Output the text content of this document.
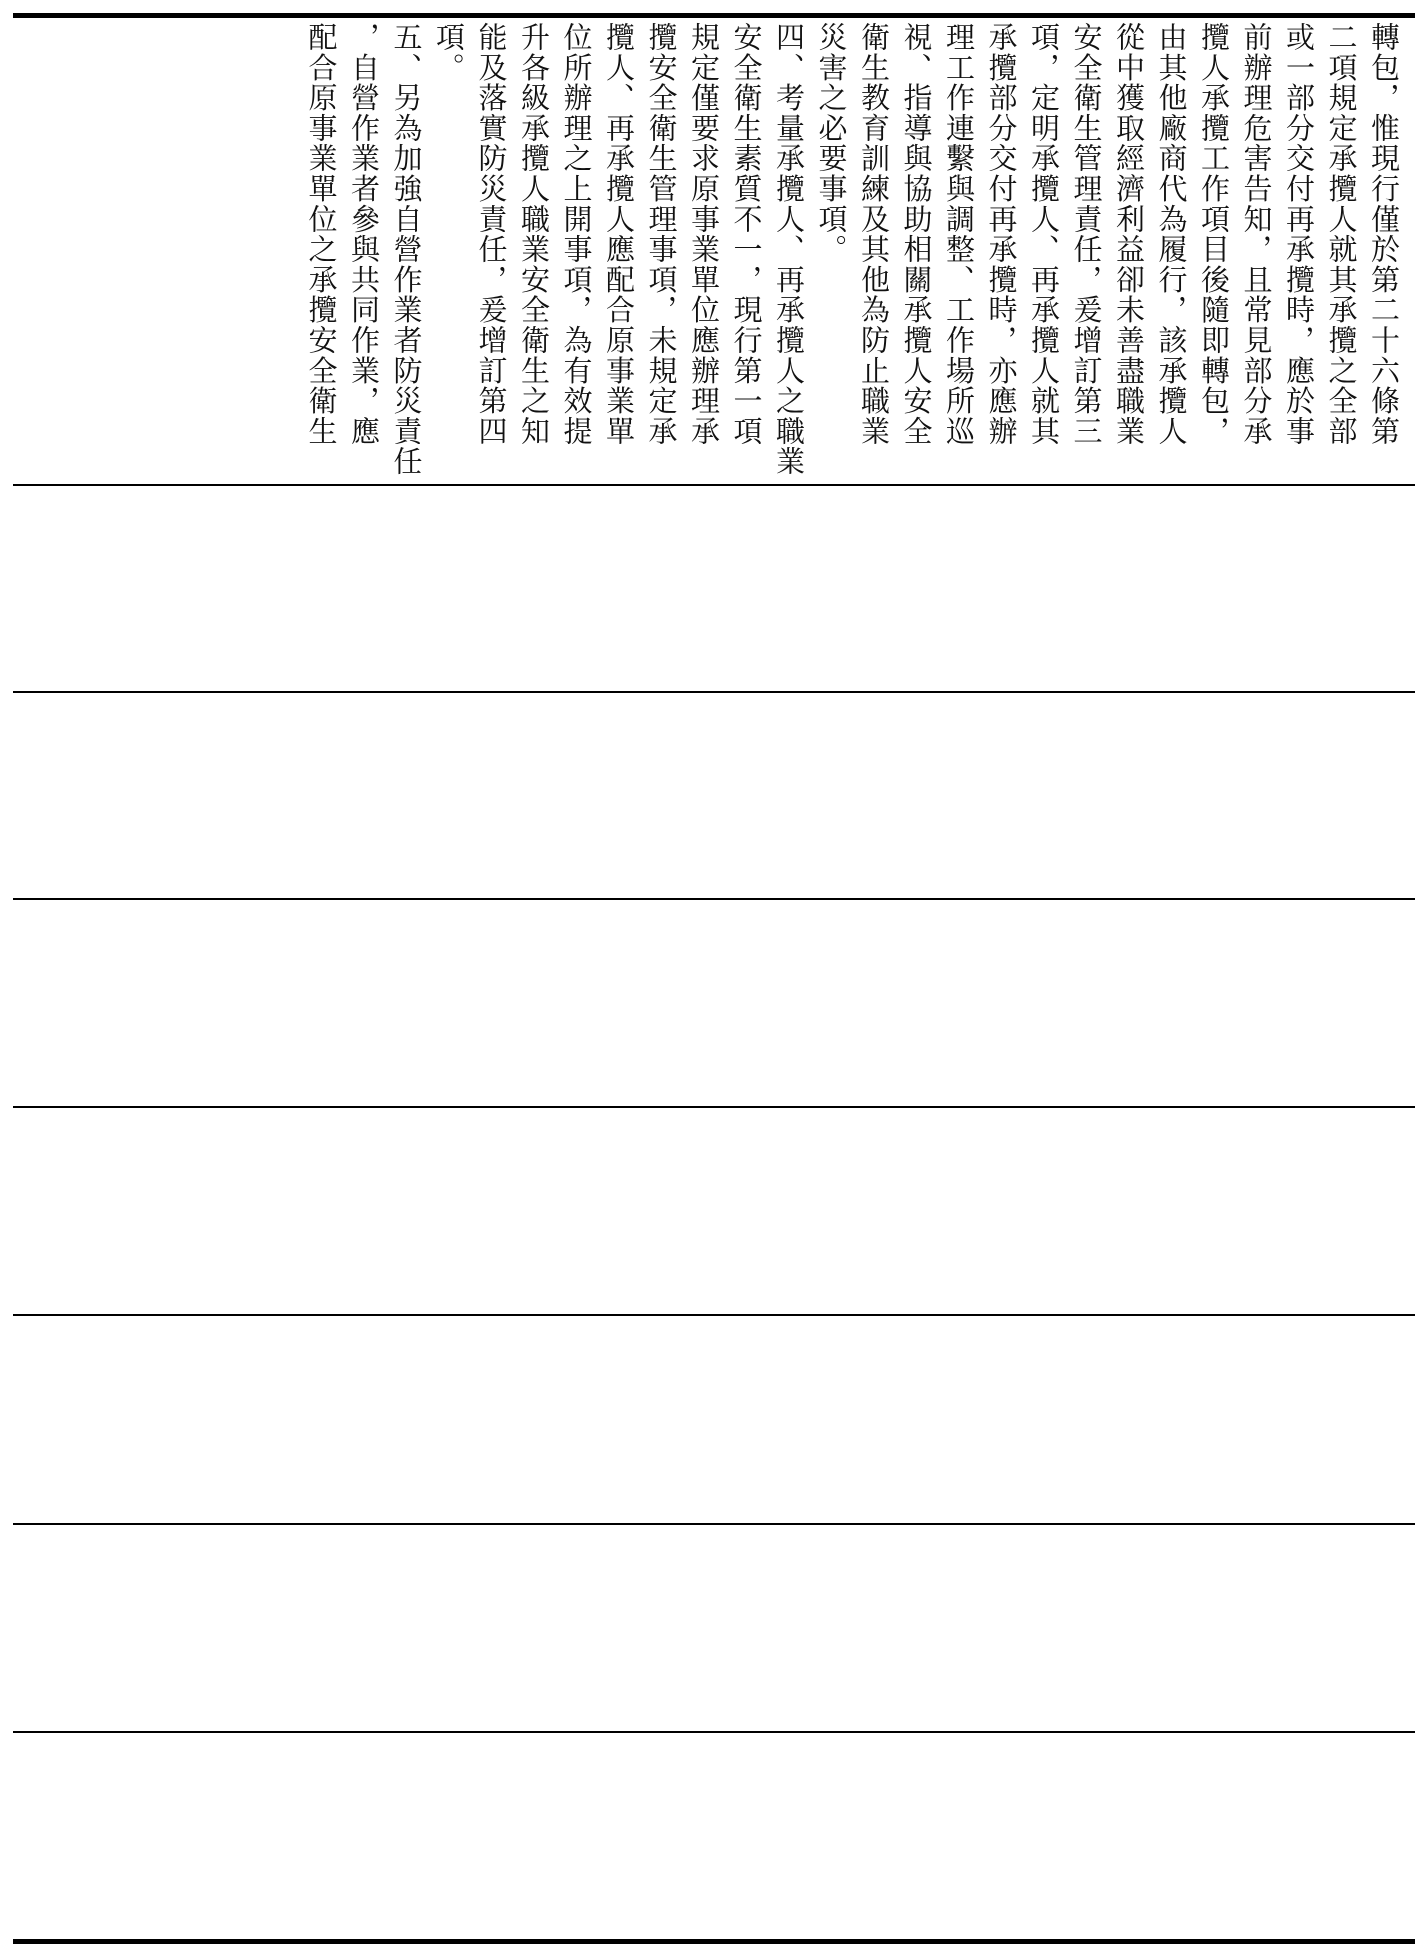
轉包，惟現行僅於第二十六條第
二項規定承攬人就其承攬之全部
或一部分交付再承攬時，應於事
前辦理危害告知，且常見部分承
攬人承攬工作項目後隨即轉包，
由其他廠商代為履行，該承攬人
從中獲取經濟利益卻未善盡職業
安全衛生管理責任，爰增訂第三
項，定明承攬人、再承攬人就其
承攬部分交付再承攬時，亦應辦
理工作連繫與調整、工作場所巡
視、指導與協助相關承攬人安全
衛生教育訓練及其他為防止職業
災害之必要事項。
四、考量承攬人、再承攬人之職業
安全衛生素質不一，現行第一項
規定僅要求原事業單位應辦理承
攬安全衛生管理事項，未規定承
攬人、再承攬人應配合原事業單
位所辦理之上開事項，為有效提
升各級承攬人職業安全衛生之知
能及落實防災責任，爰增訂第四
項。
五、另為加強自營作業者防災責任
，自營作業者參與共同作業，應
配合原事業單位之承攬安全衛生
